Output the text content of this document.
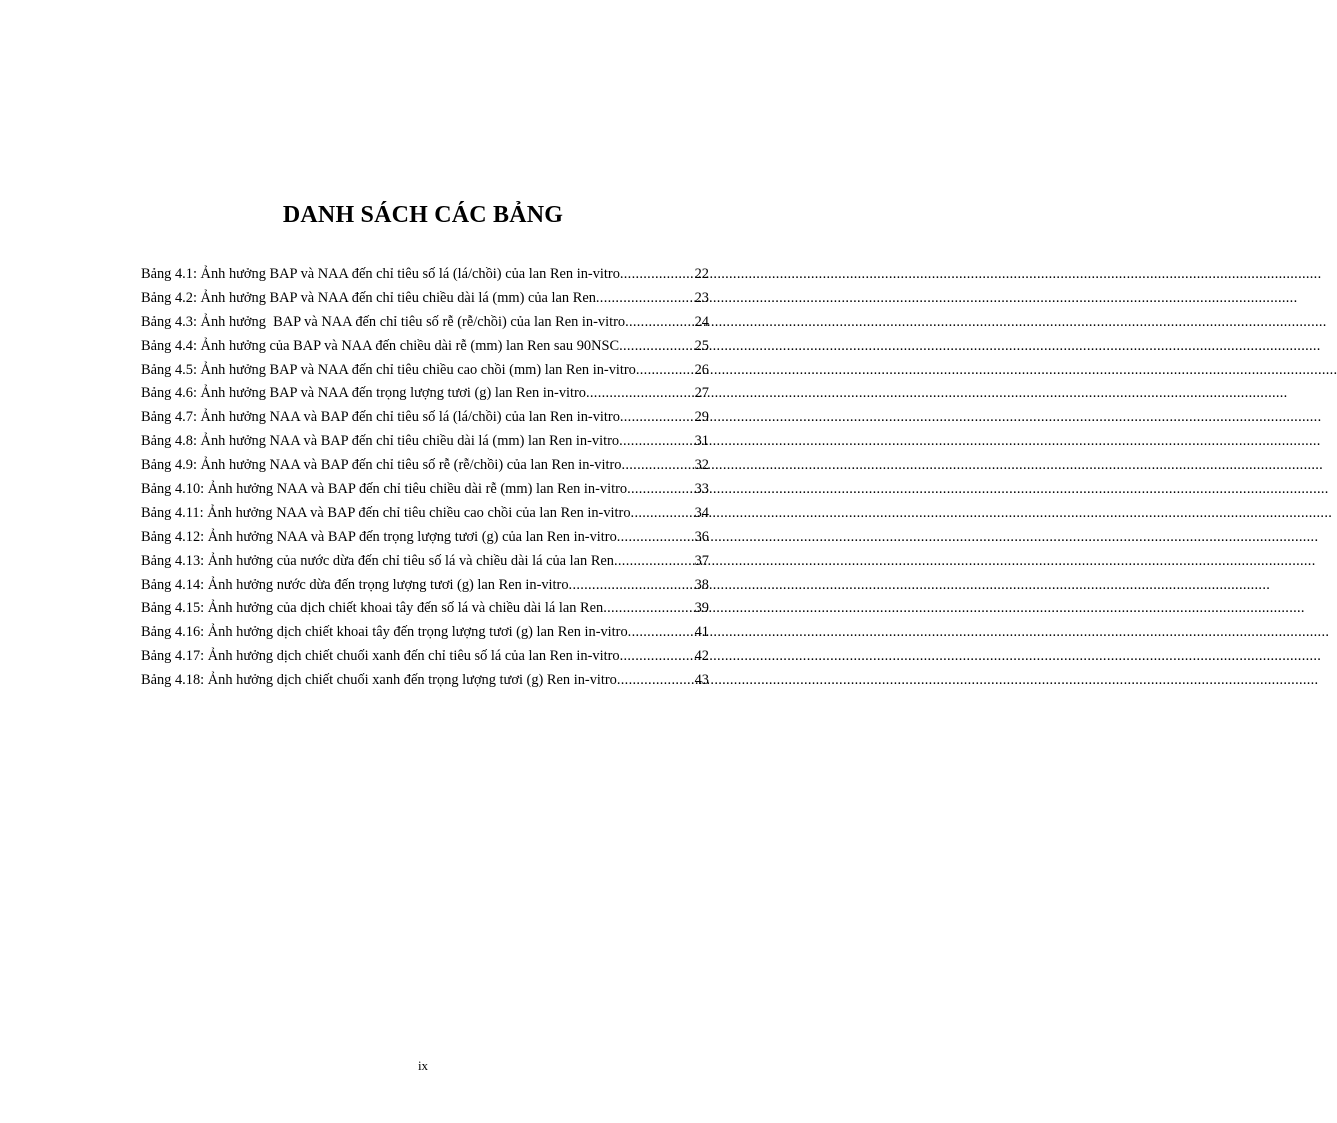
DANH SÁCH CÁC BẢNG
Bảng 4.1: Ảnh hưởng BAP và NAA đến chỉ tiêu số lá (lá/chồi) của lan Ren in-vitro .....	22
Bảng 4.2: Ảnh hưởng BAP và NAA đến chỉ tiêu chiều dài lá (mm) của lan Ren .....	23
Bảng 4.3: Ảnh hưởng  BAP và NAA đến chỉ tiêu số rễ (rễ/chồi) của lan Ren in-vitro .....	24
Bảng 4.4: Ảnh hưởng của BAP và NAA đến chiều dài rễ (mm) lan Ren sau 90NSC .....	25
Bảng 4.5: Ảnh hưởng BAP và NAA đến chỉ tiêu chiều cao chồi (mm) lan Ren in-vitro .....	26
Bảng 4.6: Ảnh hưởng BAP và NAA đến trọng lượng tươi (g) lan Ren in-vitro .....	27
Bảng 4.7: Ảnh hưởng NAA và BAP đến chỉ tiêu số lá (lá/chồi) của lan Ren in-vitro .....	29
Bảng 4.8: Ảnh hưởng NAA và BAP đến chỉ tiêu chiều dài lá (mm) lan Ren in-vitro .....	31
Bảng 4.9: Ảnh hưởng NAA và BAP đến chỉ tiêu số rễ (rễ/chồi) của lan Ren in-vitro .....	32
Bảng 4.10: Ảnh hưởng NAA và BAP đến chỉ tiêu chiều dài rễ (mm) lan Ren in-vitro .....	33
Bảng 4.11: Ảnh hưởng NAA và BAP đến chỉ tiêu chiều cao chồi của lan Ren in-vitro .....	34
Bảng 4.12: Ảnh hưởng NAA và BAP đến trọng lượng tươi (g) của lan Ren in-vitro .....	36
Bảng 4.13: Ảnh hưởng của nước dừa đến chỉ tiêu số lá và chiều dài lá của lan Ren .....	37
Bảng 4.14: Ảnh hưởng nước dừa đến trọng lượng tươi (g) lan Ren in-vitro .....	38
Bảng 4.15: Ảnh hưởng của dịch chiết khoai tây đến số lá và chiều dài lá lan Ren .....	39
Bảng 4.16: Ảnh hưởng dịch chiết khoai tây đến trọng lượng tươi (g) lan Ren in-vitro .....	41
Bảng 4.17: Ảnh hưởng dịch chiết chuối xanh đến chỉ tiêu số lá của lan Ren in-vitro .....	42
Bảng 4.18: Ảnh hưởng dịch chiết chuối xanh đến trọng lượng tươi (g) Ren in-vitro .....	43
ix
